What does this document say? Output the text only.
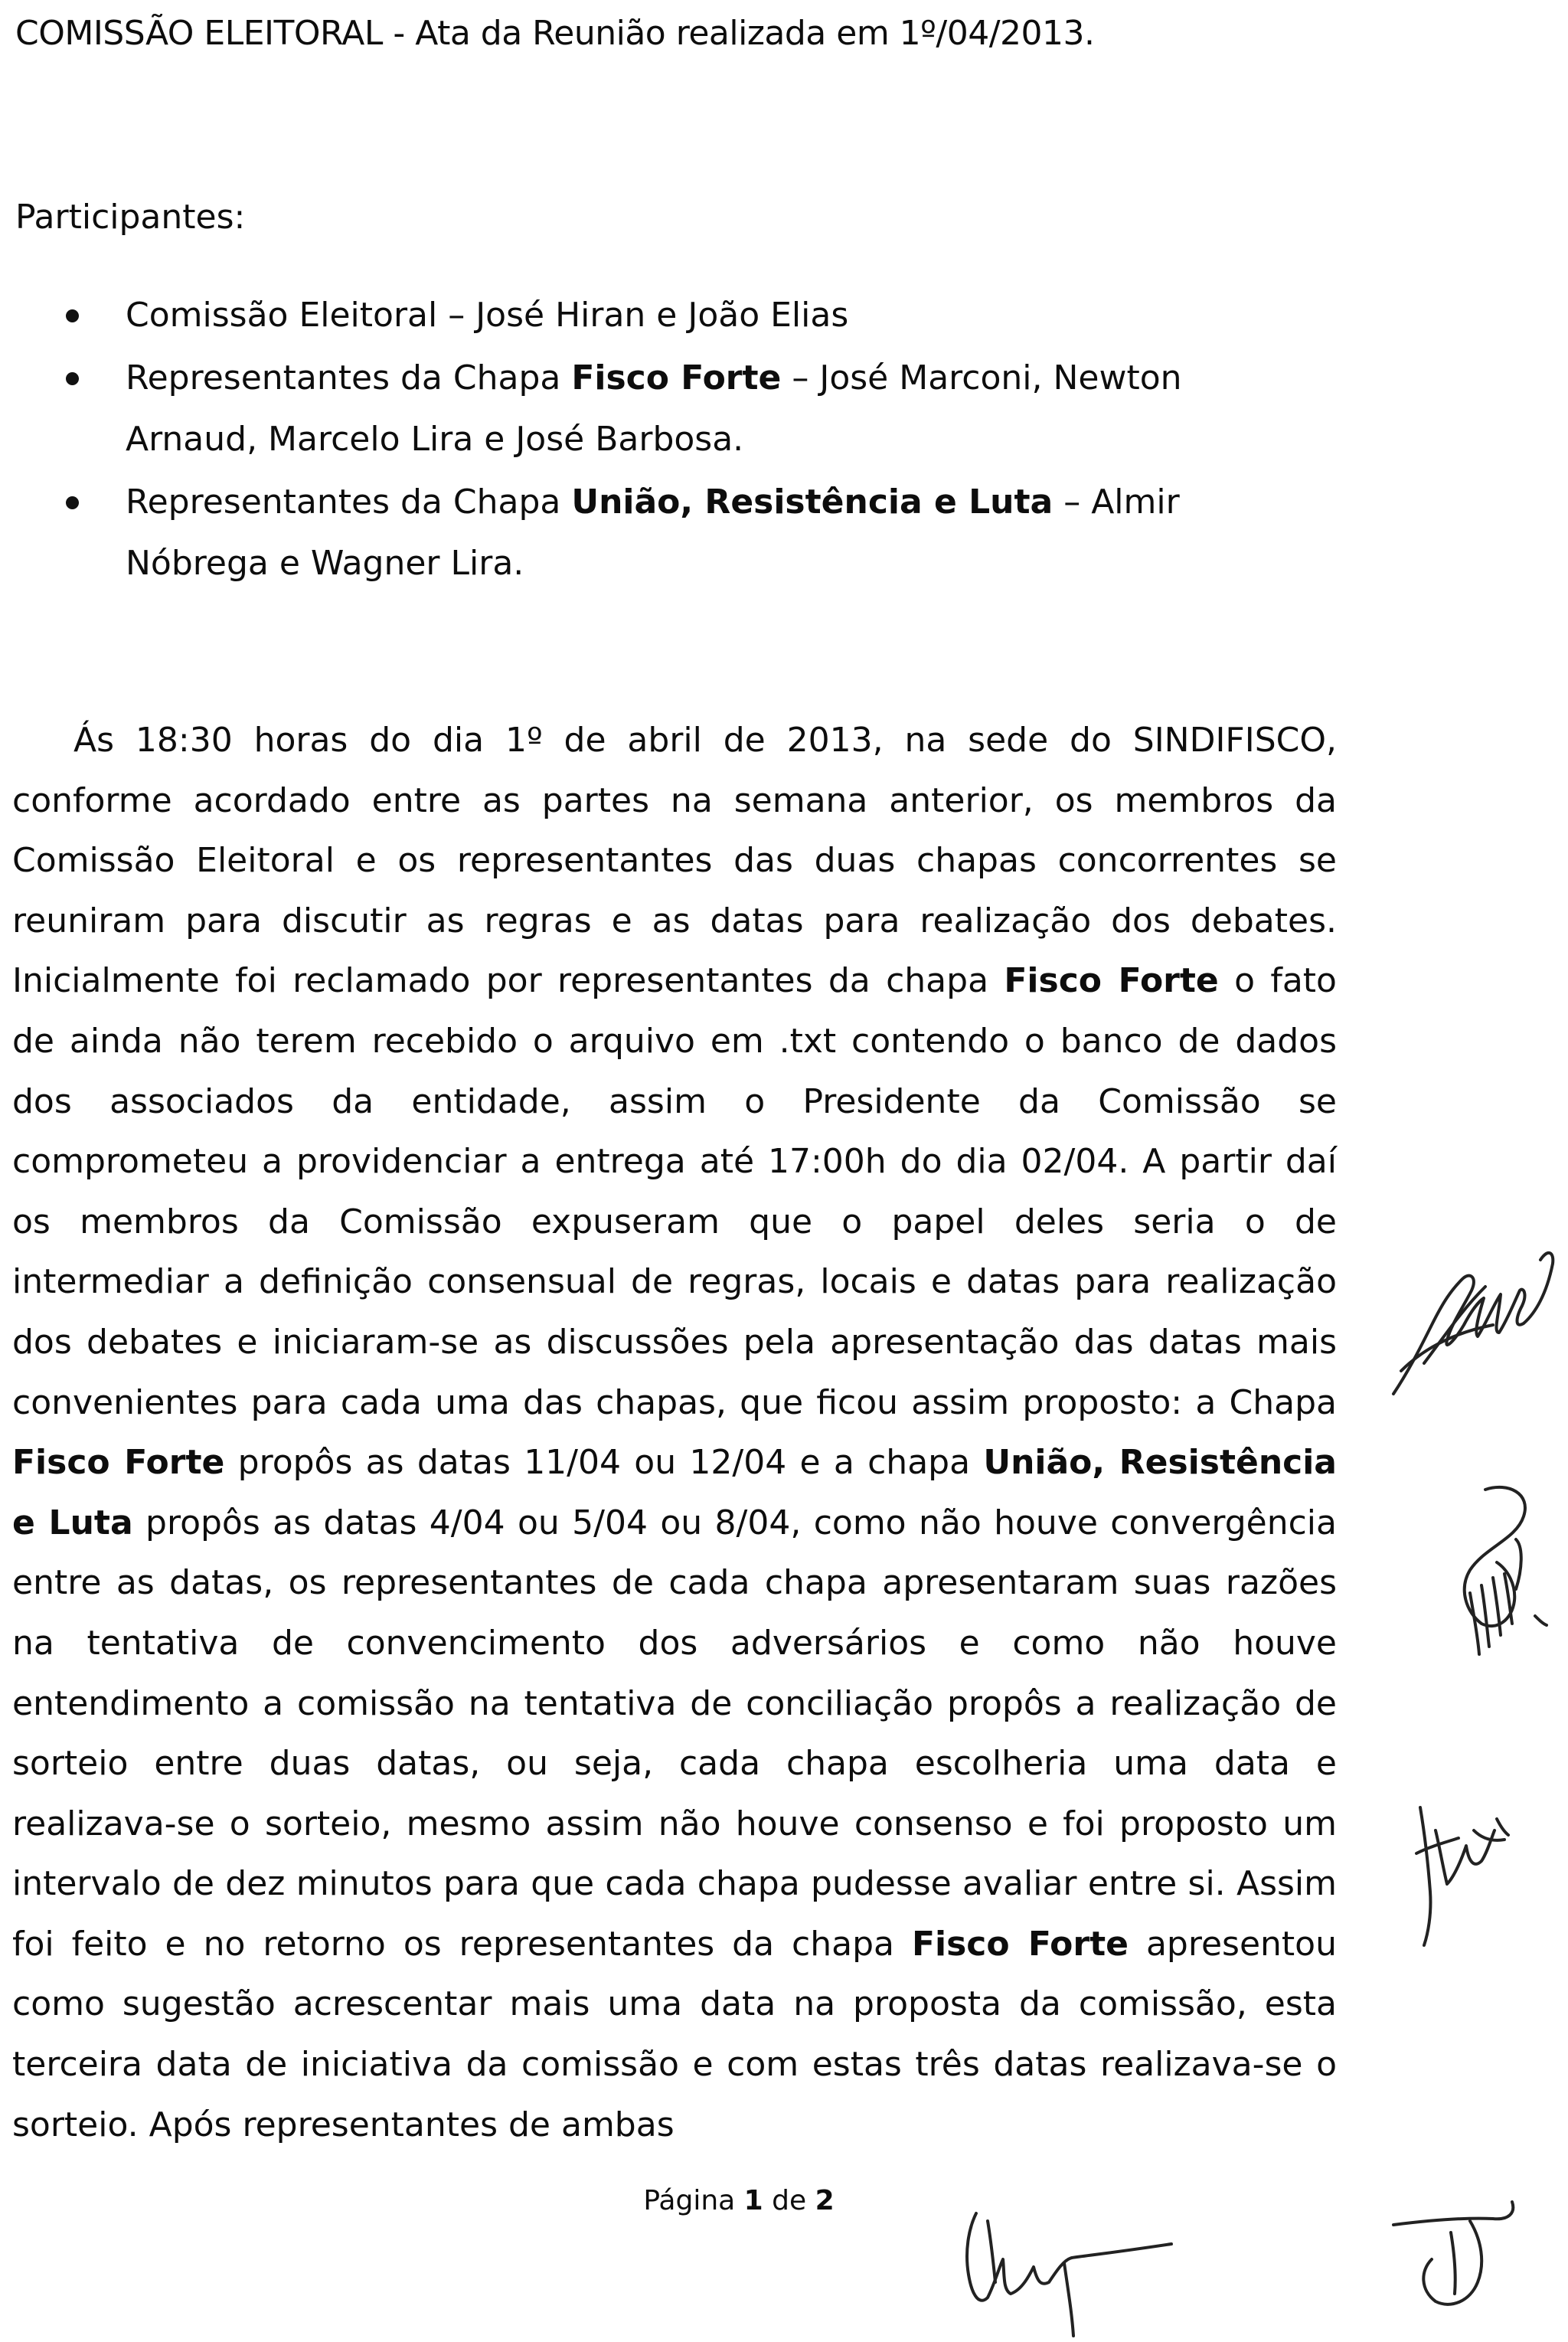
COMISSÃO ELEITORAL - Ata da Reunião realizada em 1º/04/2013.
Participantes:
Comissão Eleitoral – José Hiran e João Elias
Representantes da Chapa Fisco Forte – José Marconi, Newton Arnaud, Marcelo Lira e José Barbosa.
Representantes da Chapa União, Resistência e Luta – Almir Nóbrega e Wagner Lira.

Ás 18:30 horas do dia 1º de abril de 2013, na sede do SINDIFISCO, conforme acordado entre as partes na semana anterior, os membros da Comissão Eleitoral e os representantes das duas chapas concorrentes se reuniram para discutir as regras e as datas para realização dos debates. Inicialmente foi reclamado por representantes da chapa Fisco Forte o fato de ainda não terem recebido o arquivo em .txt contendo o banco de dados dos associados da entidade, assim o Presidente da Comissão se comprometeu a providenciar a entrega até 17:00h do dia 02/04. A partir daí os membros da Comissão expuseram que o papel deles seria o de intermediar a definição consensual de regras, locais e datas para realização dos debates e iniciaram-se as discussões pela apresentação das datas mais convenientes para cada uma das chapas, que ficou assim proposto: a Chapa Fisco Forte propôs as datas 11/04 ou 12/04 e a chapa União, Resistência e Luta propôs as datas 4/04 ou 5/04 ou 8/04, como não houve convergência entre as datas, os representantes de cada chapa apresentaram suas razões na tentativa de convencimento dos adversários e como não houve entendimento a comissão na tentativa de conciliação propôs a realização de sorteio entre duas datas, ou seja, cada chapa escolheria uma data e realizava-se o sorteio, mesmo assim não houve consenso e foi proposto um intervalo de dez minutos para que cada chapa pudesse avaliar entre si. Assim foi feito e no retorno os representantes da chapa Fisco Forte apresentou como sugestão acrescentar mais uma data na proposta da comissão, esta terceira data de iniciativa da comissão e com estas três datas realizava-se o sorteio. Após representantes de ambas

Página 1 de 2
